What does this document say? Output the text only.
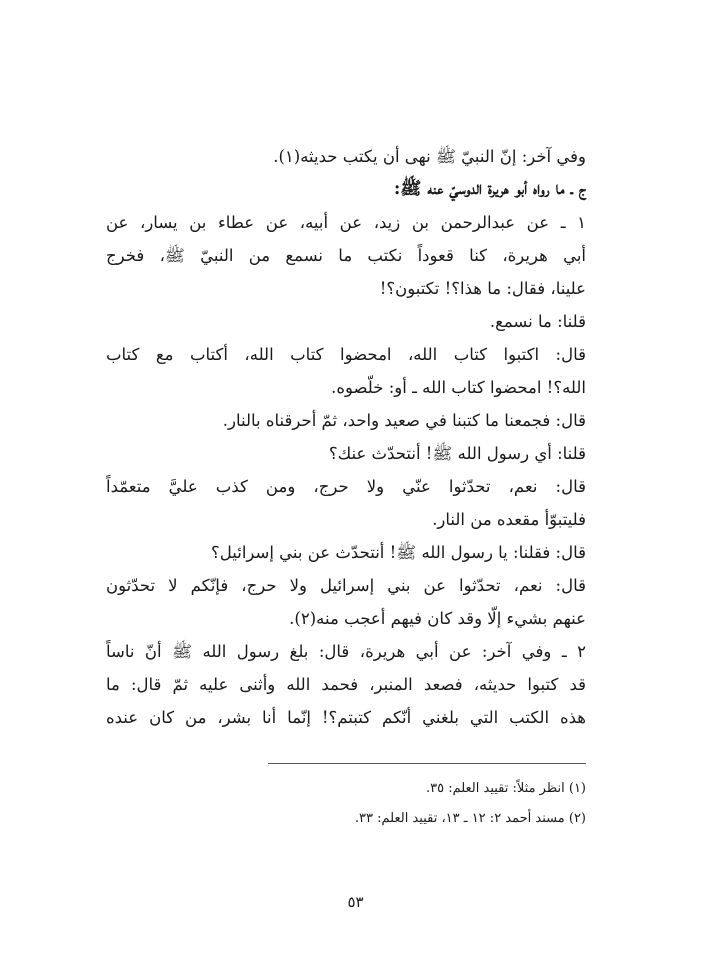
وفي آخر: إنّ النبيّ ﷺ نهى أن يكتب حديثه(١).
ج ـ ما رواه أبو هريرة الدوسيّ عنه ﷺ:
١ ـ عن عبدالرحمن بن زيد، عن أبيه، عن عطاء بن يسار، عن
أبي هريرة، كنا قعوداً نكتب ما نسمع من النبيّ ﷺ، فخرج
علينا، فقال: ما هذا؟! تكتبون؟!
قلنا: ما نسمع.
قال: اكتبوا كتاب الله، امحضوا كتاب الله، أكتاب مع كتاب
الله؟! امحضوا كتاب الله ـ أو: خلّصوه.
قال: فجمعنا ما كتبنا في صعيد واحد، ثمّ أحرقناه بالنار.
قلنا: أي رسول الله ﷺ! أنتحدّث عنك؟
قال: نعم، تحدّثوا عنّي ولا حرج، ومن كذب عليَّ متعمّداً
فليتبوّأ مقعده من النار.
قال: فقلنا: يا رسول الله ﷺ! أنتحدّث عن بني إسرائيل؟
قال: نعم، تحدّثوا عن بني إسرائيل ولا حرج، فإنّكم لا تحدّثون
عنهم بشيء إلّا وقد كان فيهم أعجب منه(٢).
٢ ـ وفي آخر: عن أبي هريرة، قال: بلغ رسول الله ﷺ أنّ ناساً
قد كتبوا حديثه، فصعد المنبر، فحمد الله وأثنى عليه ثمّ قال: ما
هذه الكتب التي بلغني أنّكم كتبتم؟! إنّما أنا بشر، من كان عنده
(١) انظر مثلاً: تقييد العلم: ٣٥.
(٢) مسند أحمد ٢: ١٢ ـ ١٣، تقييد العلم: ٣٣.
٥٣
